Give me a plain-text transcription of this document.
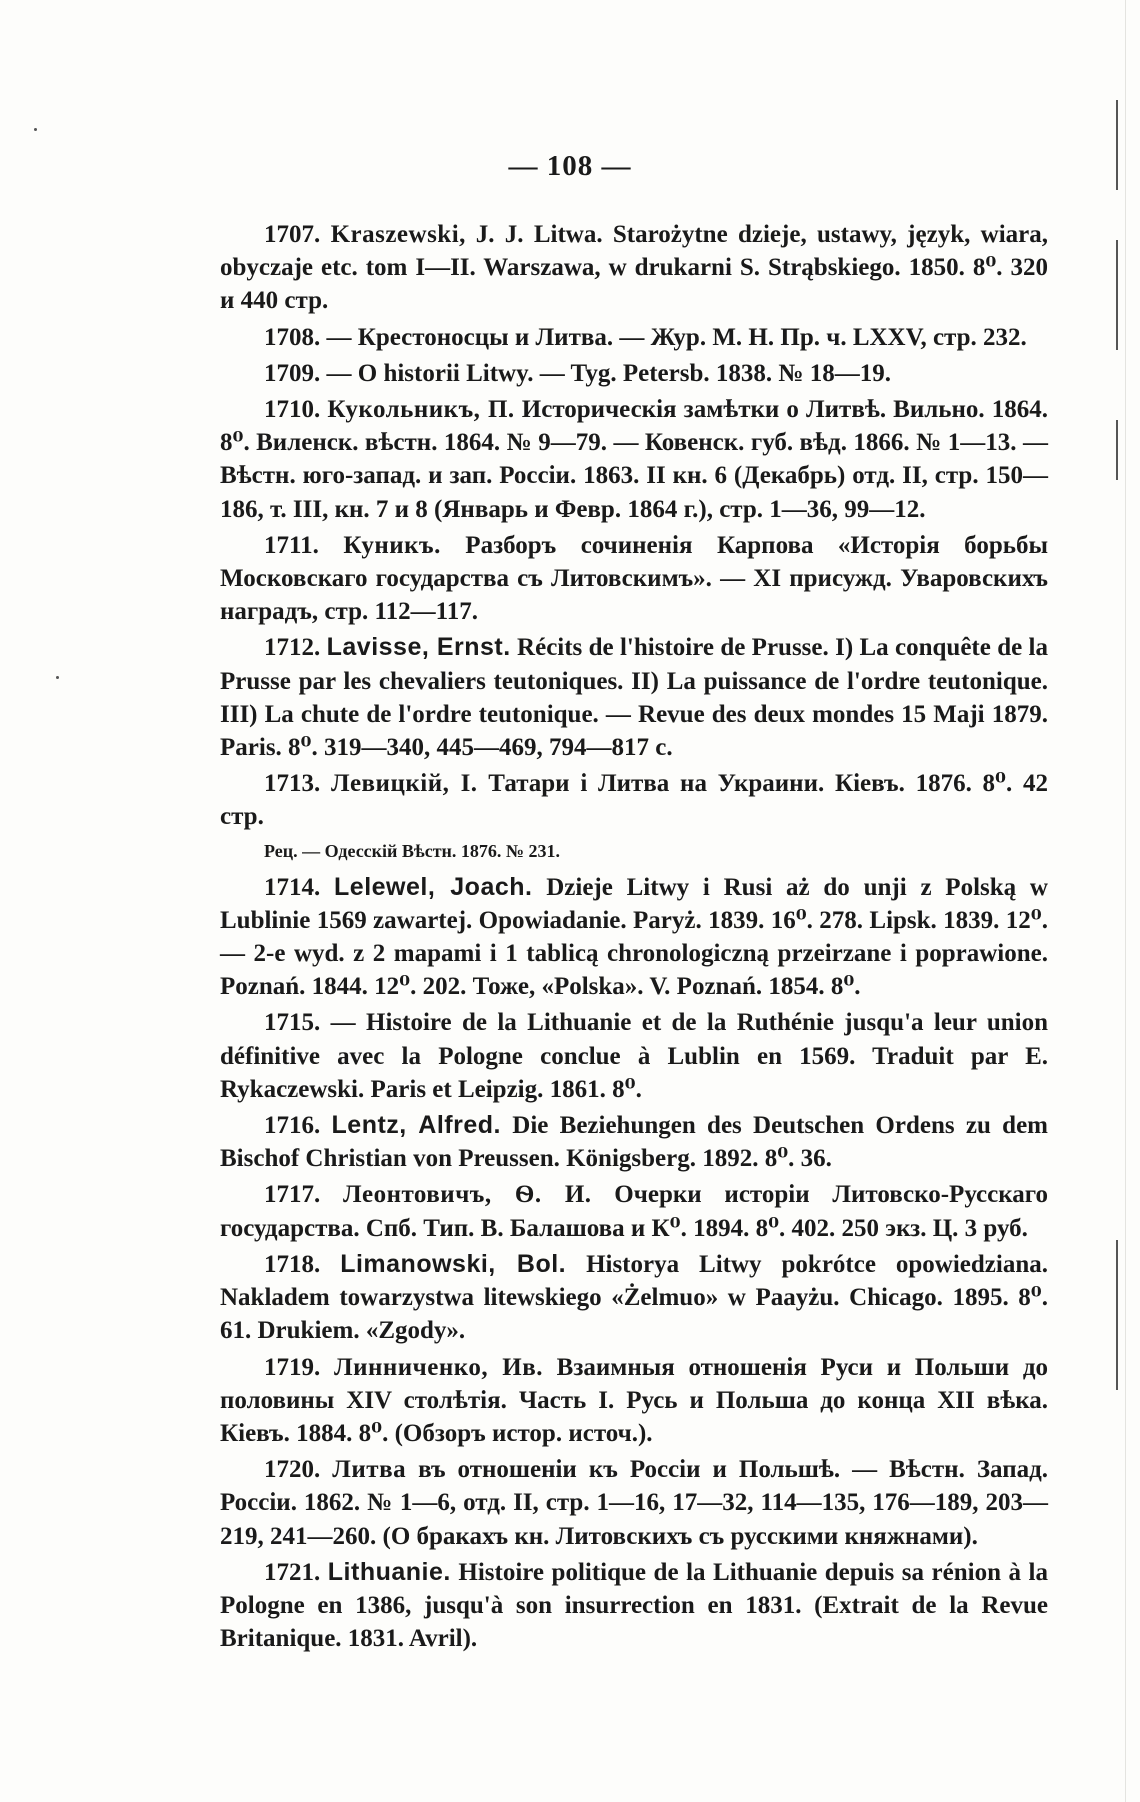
— 108 —

1707. Kraszewski, J. J. Litwa. Starożytne dzieje, ustawy, język, wiara, obyczaje etc. tom I—II. Warszawa, w drukarni S. Strąbskiego. 1850. 8⁰. 320 и 440 стр.

1708. — Крестоносцы и Литва. — Жур. М. Н. Пр. ч. LXXV, стр. 232.

1709. — O historii Litwy. — Tyg. Petersb. 1838. № 18—19.

1710. Кукольникъ, П. Историческія замѣтки о Литвѣ. Вильно. 1864. 8⁰. Виленск. вѣстн. 1864. № 9—79. — Ковенск. губ. вѣд. 1866. № 1—13. — Вѣстн. юго-запад. и зап. Россіи. 1863. II кн. 6 (Декабрь) отд. II, стр. 150—186, т. III, кн. 7 и 8 (Январь и Февр. 1864 г.), стр. 1—36, 99—12.

1711. Куникъ. Разборъ сочиненія Карпова «Исторія борьбы Московскаго государства съ Литовскимъ». — XI присужд. Уваровскихъ наградъ, стр. 112—117.

1712. Lavisse, Ernst. Récits de l'histoire de Prusse. I) La conquête de la Prusse par les chevaliers teutoniques. II) La puissance de l'ordre teutonique. III) La chute de l'ordre teutonique. — Revue des deux mondes 15 Maji 1879. Paris. 8⁰. 319—340, 445—469, 794—817 с.

1713. Левицкій, I. Татари і Литва на Украини. Кіевъ. 1876. 8⁰. 42 стр.

Рец. — Одесскій Вѣстн. 1876. № 231.

1714. Lelewel, Joach. Dzieje Litwy i Rusi aż do unji z Polską w Lublinie 1569 zawartej. Opowiadanie. Paryż. 1839. 16⁰. 278. Lipsk. 1839. 12⁰. — 2-e wyd. z 2 mapami i 1 tablicą chronologiczną przeirzane i poprawione. Poznań. 1844. 12⁰. 202. Тоже, «Polska». V. Poznań. 1854. 8⁰.

1715. — Histoire de la Lithuanie et de la Ruthénie jusqu'a leur union définitive avec la Pologne conclue à Lublin en 1569. Traduit par E. Rykaczewski. Paris et Leipzig. 1861. 8⁰.

1716. Lentz, Alfred. Die Beziehungen des Deutschen Ordens zu dem Bischof Christian von Preussen. Königsberg. 1892. 8⁰. 36.

1717. Леонтовичъ, Ѳ. И. Очерки исторіи Литовско-Русскаго государства. Спб. Тип. В. Балашова и К⁰. 1894. 8⁰. 402. 250 экз. Ц. 3 руб.

1718. Limanowski, Bol. Historya Litwy pokrótce opowiedziana. Nakladem towarzystwa litewskiego «Żelmuo» w Paayżu. Chicago. 1895. 8⁰. 61. Drukiem. «Zgody».

1719. Линниченко, Ив. Взаимныя отношенія Руси и Польши до половины XIV столѣтія. Часть I. Русь и Польша до конца XII вѣка. Кіевъ. 1884. 8⁰. (Обзоръ истор. источ.).

1720. Литва въ отношеніи къ Россіи и Польшѣ. — Вѣстн. Запад. Россіи. 1862. № 1—6, отд. II, стр. 1—16, 17—32, 114—135, 176—189, 203—219, 241—260. (О бракахъ кн. Литовскихъ съ русскими княжнами).

1721. Lithuanie. Histoire politique de la Lithuanie depuis sa rénion à la Pologne en 1386, jusqu'à son insurrection en 1831. (Extrait de la Revue Britanique. 1831. Avril).
